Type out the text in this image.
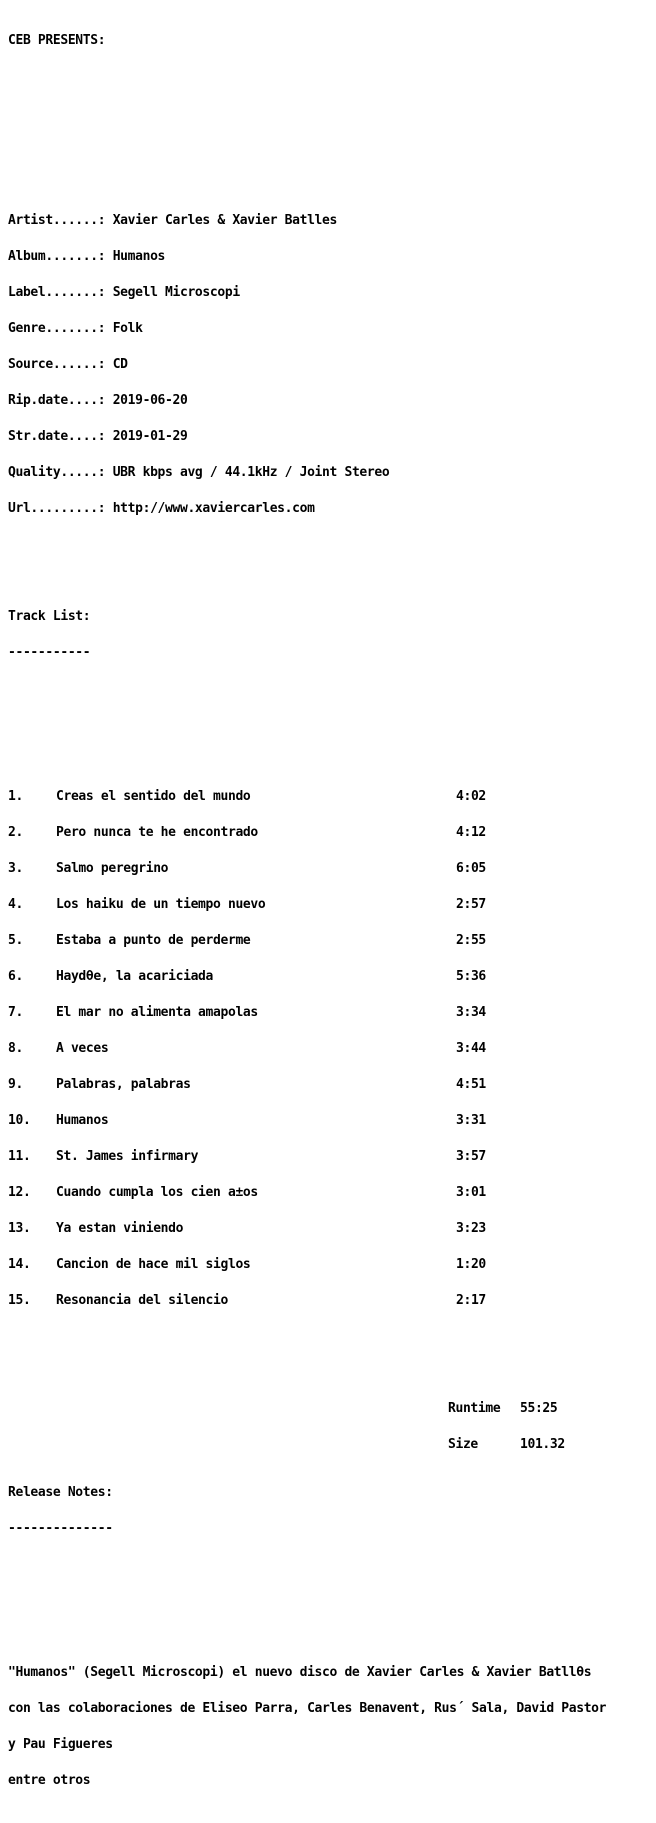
CEB PRESENTS:

Artist......: Xavier Carles & Xavier Batlles

Album.......: Humanos

Label.......: Segell Microscopi

Genre.......: Folk

Source......: CD

Rip.date....: 2019-06-20

Str.date....: 2019-01-29

Quality.....: UBR kbps avg / 44.1kHz / Joint Stereo

Url.........: http://www.xaviercarles.com

Track List:

-----------

1.	Creas el sentido del mundo	4:02

2.	Pero nunca te he encontrado	4:12

3.	Salmo peregrino	6:05

4.	Los haiku de un tiempo nuevo	2:57

5.	Estaba a punto de perderme	2:55

6.	Haydθe, la acariciada	5:36

7.	El mar no alimenta amapolas	3:34

8.	A veces	3:44

9.	Palabras, palabras	4:51

10.	Humanos	3:31

11.	St. James infirmary	3:57

12.	Cuando cumpla los cien a±os	3:01

13.	Ya estan viniendo	3:23

14.	Cancion de hace mil siglos	1:20

15.	Resonancia del silencio	2:17

Runtime	55:25

Size	101.32

Release Notes:

--------------

"Humanos" (Segell Microscopi) el nuevo disco de Xavier Carles & Xavier Batllθs

con las colaboraciones de Eliseo Parra, Carles Benavent, Rus´ Sala, David Pastor

y Pau Figueres

entre otros
